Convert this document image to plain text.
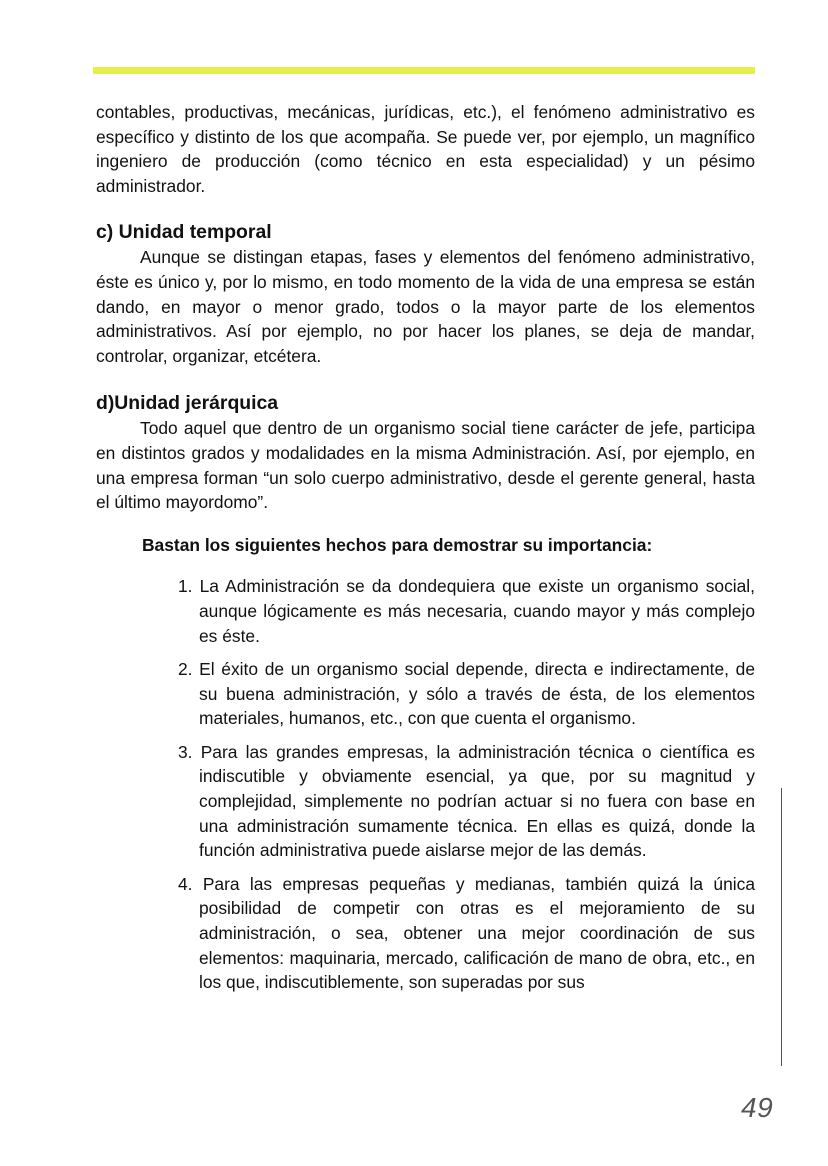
contables, productivas, mecánicas, jurídicas, etc.), el fenómeno administrativo es específico y distinto de los que acompaña. Se puede ver, por ejemplo, un magnífico ingeniero de producción (como técnico en esta especialidad) y un pésimo administrador.

c) Unidad temporal

Aunque se distingan etapas, fases y elementos del fenómeno administrativo, éste es único y, por lo mismo, en todo momento de la vida de una empresa se están dando, en mayor o menor grado, todos o la mayor parte de los elementos administrativos. Así por ejemplo, no por hacer los planes, se deja de mandar, controlar, organizar, etcétera.

d)Unidad jerárquica

Todo aquel que dentro de un organismo social tiene carácter de jefe, participa en distintos grados y modalidades en la misma Administración. Así, por ejemplo, en una empresa forman “un solo cuerpo administrativo, desde el gerente general, hasta el último mayordomo”.

Bastan los siguientes hechos para demostrar su importancia:

1. La Administración se da dondequiera que existe un organismo social, aunque lógicamente es más necesaria, cuando mayor y más complejo es éste.
2. El éxito de un organismo social depende, directa e indirectamente, de su buena administración, y sólo a través de ésta, de los elementos materiales, humanos, etc., con que cuenta el organismo.
3. Para las grandes empresas, la administración técnica o científica es indiscutible y obviamente esencial, ya que, por su magnitud y complejidad, simplemente no podrían actuar si no fuera con base en una administración sumamente técnica. En ellas es quizá, donde la función administrativa puede aislarse mejor de las demás.
4. Para las empresas pequeñas y medianas, también quizá la única posibilidad de competir con otras es el mejoramiento de su administración, o sea, obtener una mejor coordinación de sus elementos: maquinaria, mercado, calificación de mano de obra, etc., en los que, indiscutiblemente, son superadas por sus
49
